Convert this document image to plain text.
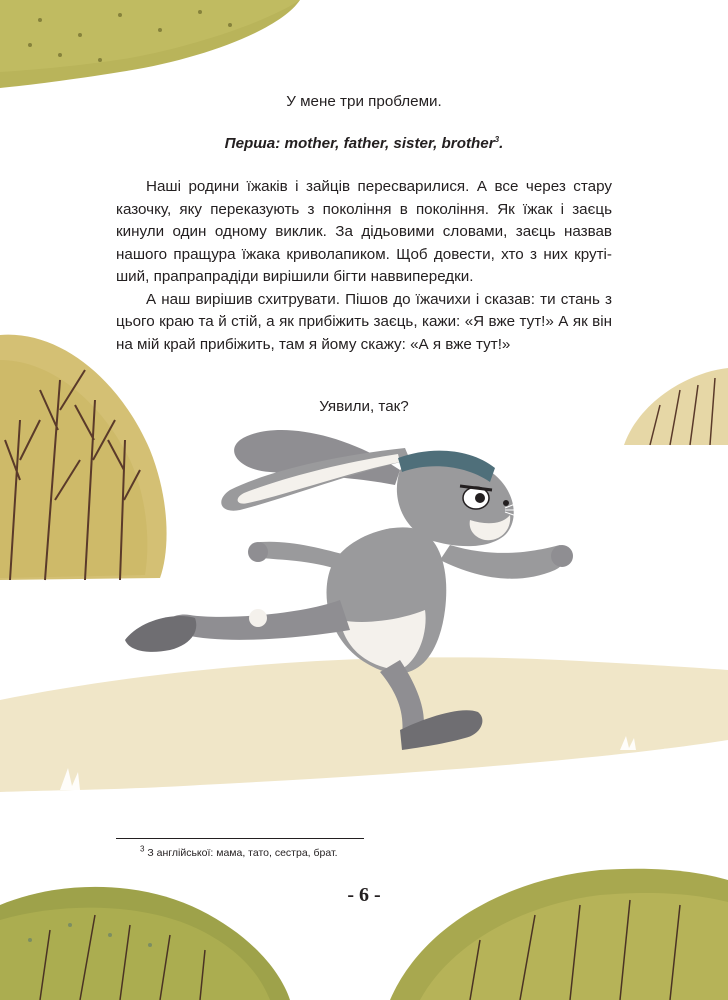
У мене три проблеми.
Перша: mother, father, sister, brother$^3$.

Наші родини їжаків і зайців пересварилися. А все через стару казочку, яку переказують з покоління в покоління. Як їжак і заєць кинули один одному виклик. За дідьовими словами, заєць назвав нашого пращура їжака криволапиком. Щоб довести, хто з них круті-ший, прапрапрадіди вирішили бігти наввипередки.

А наш вирішив схитрувати. Пішов до їжачихи і сказав: ти стань з цього краю та й стій, а як прибіжить заєць, кажи: «Я вже тут!» А як він на мій край прибіжить, там я йому скажу: «А я вже тут!»

Уявили, так?
$^3$ З англійської: мама, тато, сестра, брат.
- 6 -
